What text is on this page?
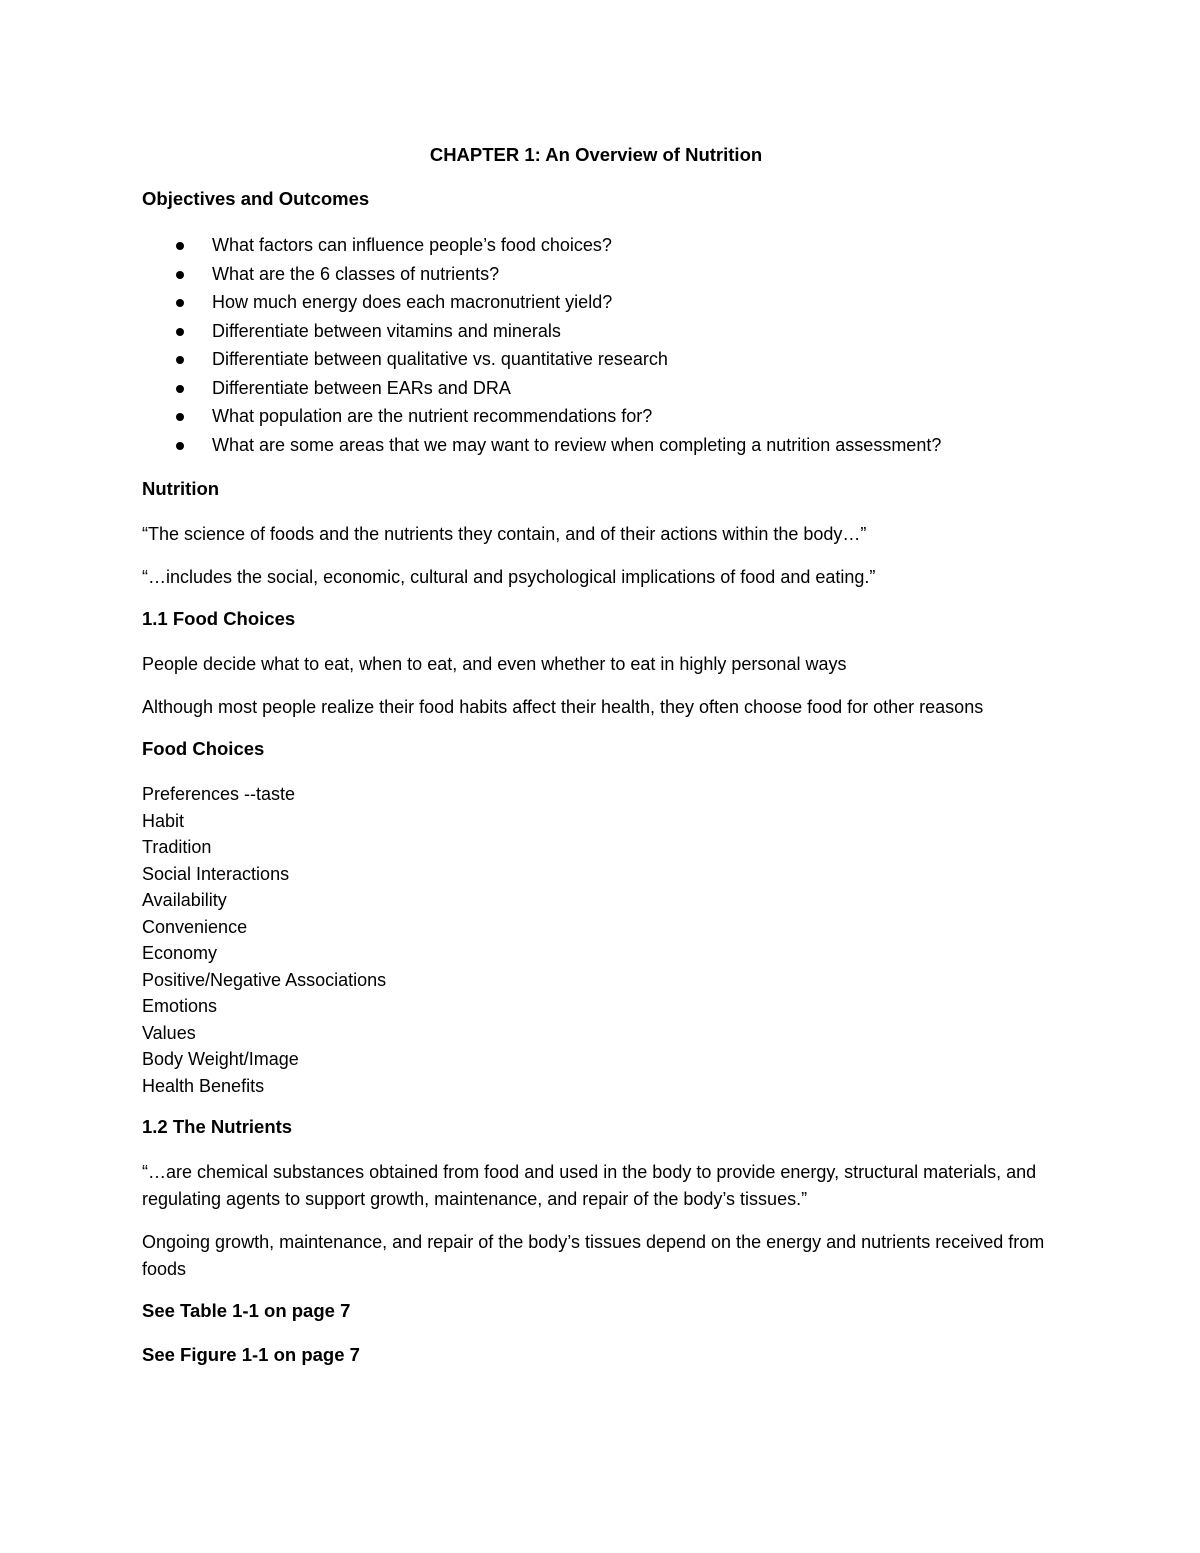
CHAPTER 1: An Overview of Nutrition
Objectives and Outcomes
What factors can influence people’s food choices?
What are the 6 classes of nutrients?
How much energy does each macronutrient yield?
Differentiate between vitamins and minerals
Differentiate between qualitative vs. quantitative research
Differentiate between EARs and DRA
What population are the nutrient recommendations for?
What are some areas that we may want to review when completing a nutrition assessment?
Nutrition

“The science of foods and the nutrients they contain, and of their actions within the body…”

“…includes the social, economic, cultural and psychological implications of food and eating.”

1.1 Food Choices

People decide what to eat, when to eat, and even whether to eat in highly personal ways

Although most people realize their food habits affect their health, they often choose food for other reasons

Food Choices
Preferences --taste
Habit
Tradition
Social Interactions
Availability
Convenience
Economy
Positive/Negative Associations
Emotions
Values
Body Weight/Image
Health Benefits
1.2 The Nutrients

“…are chemical substances obtained from food and used in the body to provide energy, structural materials, and regulating agents to support growth, maintenance, and repair of the body’s tissues.”

Ongoing growth, maintenance, and repair of the body’s tissues depend on the energy and nutrients received from foods

See Table 1-1 on page 7
See Figure 1-1 on page 7
